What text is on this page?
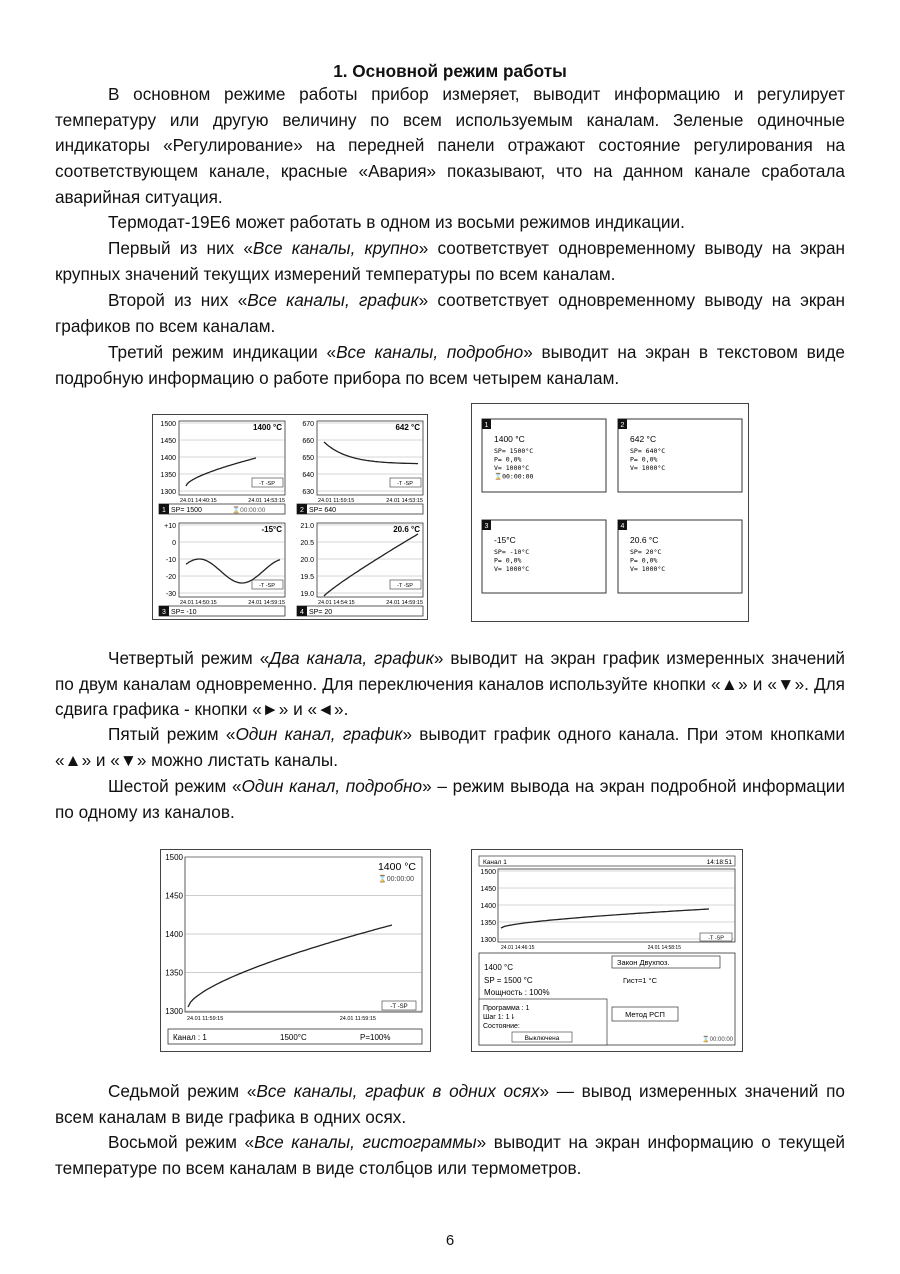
1. Основной режим работы

В основном режиме работы прибор измеряет, выводит информацию и регулирует температуру или другую величину по всем используемым каналам. Зеленые одиночные индикаторы «Регулирование» на передней панели отражают состояние регулирования на соответствующем канале, красные «Авария» показывают, что на данном канале сработала аварийная ситуация.

Термодат-19Е6 может работать в одном из восьми режимов индикации.

Первый из них «Все каналы, крупно» соответствует одновременному выводу на экран крупных значений текущих измерений температуры по всем каналам.

Второй из них «Все каналы, график» соответствует одновременному выводу на экран графиков по всем каналам.

Третий режим индикации «Все каналы, подробно» выводит на экран в текстовом виде подробную информацию о работе прибора по всем четырем каналам.

Четвертый режим «Два канала, график» выводит на экран график измеренных значений по двум каналам одновременно. Для переключения каналов используйте кнопки «▲» и «▼». Для сдвига графика - кнопки «►» и «◄».

Пятый режим «Один канал, график» выводит график одного канала. При этом кнопками «▲» и «▼» можно листать каналы.

Шестой режим «Один канал, подробно» – режим вывода на экран подробной информации по одному из каналов.

Седьмой режим «Все каналы, график в одних осях» — вывод измеренных значений по всем каналам в виде графика в одних осях.

Восьмой режим «Все каналы, гистограммы» выводит на экран информацию о текущей температуре по всем каналам в виде столбцов или термометров.

1500
1450
1400
1350
1300
1400 °C
-T -SP
24.01 14:40:15	24.01 14:53:15
1 SP= 1500	⌛00:00:00
670
660
650
640
630
642 °C
-T -SP
24.01 11:59:15	24.01 14:53:15
2 SP= 640
+10
0
-10
-20
-30
-15°C
-T -SP
24.01 14:50:15	24.01 14:59:15
3 SP= -10
21.0
20.5
20.0
19.5
19.0
20.6 °C
-T -SP
24.01 14:54:15	24.01 14:59:15
4 SP= 20
1
1400 °C
SP= 1500°C
P= 0,0%
V= 1000°C
⌛00:00:00
2
642 °C
SP= 640°C
P= 0,0%
V= 1000°C
3
-15°C
SP= -10°C
P= 0,0%
V= 1000°C
4
20.6 °C
SP= 20°C
P= 0,0%
V= 1000°C
1500
1450
1400
1350
1300
1400 °C
⌛00:00:00
-T -SP
24.01 11:59:15	24.01 11:59:15
Канал : 1	1500°C	P=100%
Канал 1	14:18:51
1500
1450
1400
1350
1300	-T -SP
24.01 14:46:15	24.01 14:58:15
1400 °C
SP = 1500 °C
Мощность : 100%
Закон Двухпоз.
Гист=1 °C
Программа : 1
Шаг 1: 1⇂
Состояние:
Выключена
Метод РСП
⌛00:00:00
6
